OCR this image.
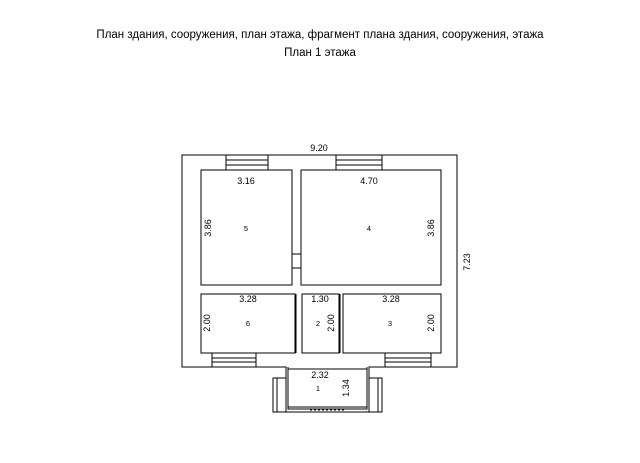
План здания, сооружения, план этажа, фрагмент плана здания, сооружения, этажа
План 1 этажа
9.20
7.23
3.16
3.86	5
4.70
3.86
4
3.28
2.00	6
1.30
2.00
2
3.28
2.00
3
2.32
1.34
1
